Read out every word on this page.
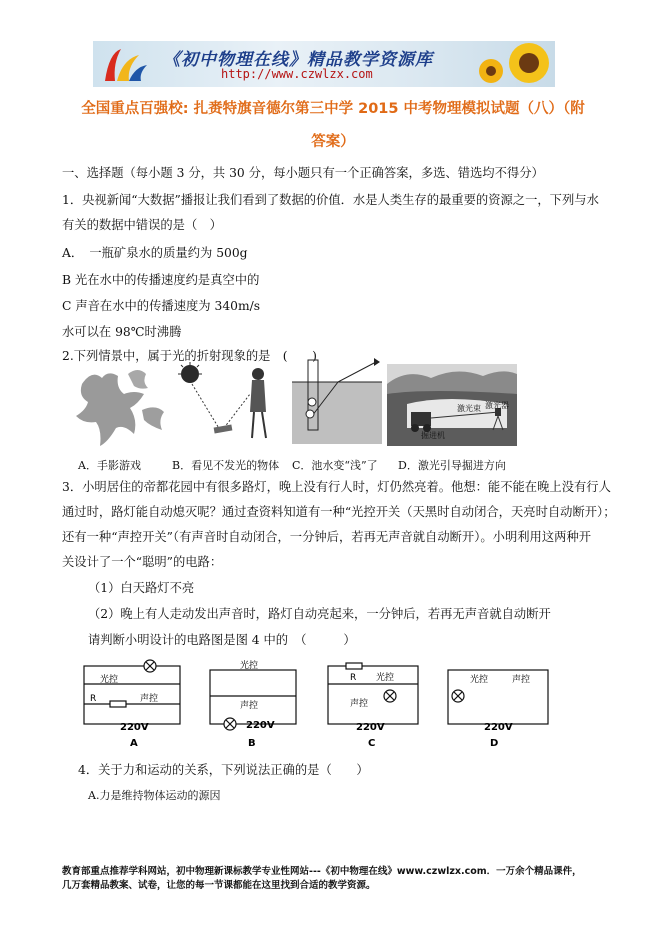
《初中物理在线》精品教学资源库
http://www.czwlzx.com
全国重点百强校: 扎赉特旗音德尔第三中学 2015 中考物理模拟试题（八）（附
答案）
一、选择题（每小题 3 分，共 30 分，每小题只有一个正确答案，多选、错选均不得分）
1．央视新闻“大数据”播报让我们看到了数据的价值．水是人类生存的最重要的资源之一，下列与水
有关的数据中错误的是（　）
A．　一瓶矿泉水的质量约为 500g
B 光在水中的传播速度约是真空中的
C 声音在水中的传播速度为 340m/s
水可以在 98℃时沸腾
2.下列情景中，属于光的折射现象的是　(　　)
激光束 激光器
掘进机
A．手影游戏	B．看见不发光的物体 C．池水变“浅”了 D．激光引导掘进方向
3．小明居住的帝都花园中有很多路灯，晚上没有行人时，灯仍然亮着。他想：能不能在晚上没有行人
通过时，路灯能自动熄灭呢？通过查资料知道有一种“光控开关（天黑时自动闭合，天亮时自动断开）；
还有一种“声控开关”（有声音时自动闭合，一分钟后，若再无声音就自动断开）。小明利用这两种开
关设计了一个“聪明”的电路：
（1）白天路灯不亮
（2）晚上有人走动发出声音时，路灯自动亮起来，一分钟后，若再无声音就自动断开
请判断小明设计的电路图是图 4 中的　（　　　）
光控
R	声控
220V
A
光控
声控
220V
B
R 光控
声控
220V
C
光控	声控
220V
D
4．关于力和运动的关系，下列说法正确的是（　　）
A.力是维持物体运动的源因
教育部重点推荐学科网站，初中物理新课标教学专业性网站---《初中物理在线》www.czwlzx.com．一万余个精品课件，
几万套精品教案、试卷，让您的每一节课都能在这里找到合适的教学资源。
